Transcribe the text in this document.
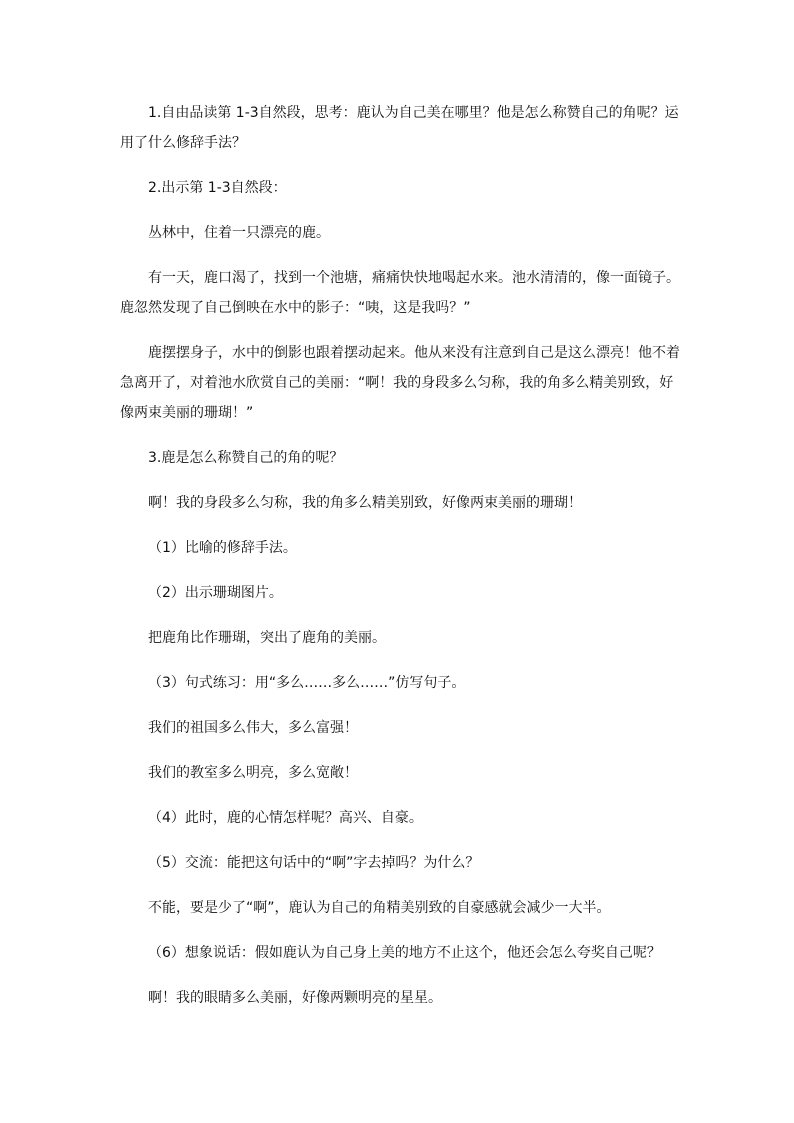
1.自由品读第 1-3自然段，思考：鹿认为自己美在哪里？他是怎么称赞自己的角呢？运用了什么修辞手法？

2.出示第 1-3自然段：

丛林中，住着一只漂亮的鹿。

有一天，鹿口渴了，找到一个池塘，痛痛快快地喝起水来。池水清清的，像一面镜子。鹿忽然发现了自己倒映在水中的影子：“咦，这是我吗？”

鹿摆摆身子，水中的倒影也跟着摆动起来。他从来没有注意到自己是这么漂亮！他不着急离开了，对着池水欣赏自己的美丽：“啊！我的身段多么匀称，我的角多么精美别致，好像两束美丽的珊瑚！”

3.鹿是怎么称赞自己的角的呢？

啊！我的身段多么匀称，我的角多么精美别致，好像两束美丽的珊瑚！

（1）比喻的修辞手法。

（2）出示珊瑚图片。

把鹿角比作珊瑚，突出了鹿角的美丽。

（3）句式练习：用“多么……多么……”仿写句子。

我们的祖国多么伟大，多么富强！

我们的教室多么明亮，多么宽敞！

（4）此时，鹿的心情怎样呢？高兴、自豪。

（5）交流：能把这句话中的“啊”字去掉吗？为什么？

不能，要是少了“啊”，鹿认为自己的角精美别致的自豪感就会减少一大半。

（6）想象说话：假如鹿认为自己身上美的地方不止这个，他还会怎么夸奖自己呢？

啊！我的眼睛多么美丽，好像两颗明亮的星星。
